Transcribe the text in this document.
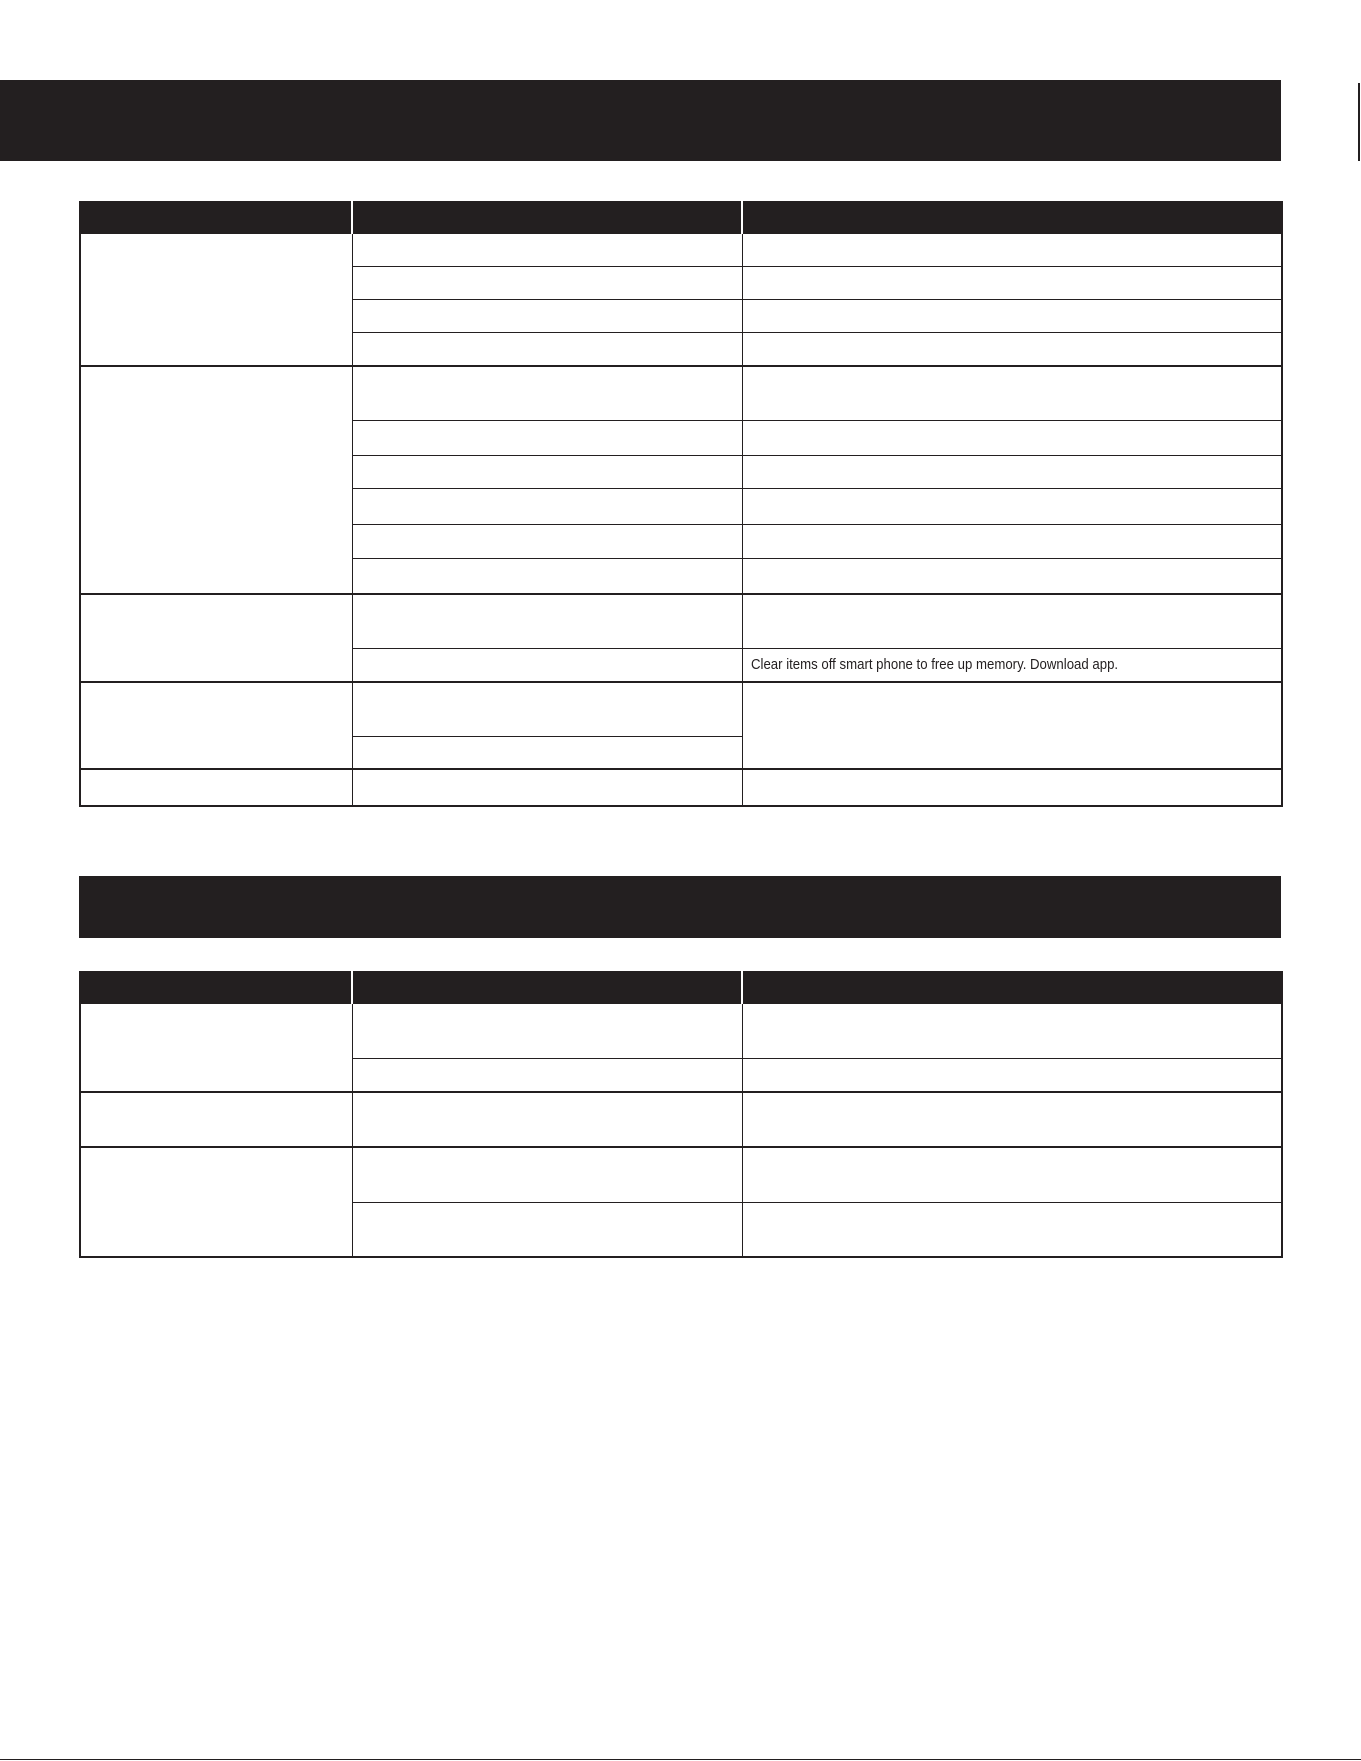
		Clear items off smart phone to free up memory. Download app.
